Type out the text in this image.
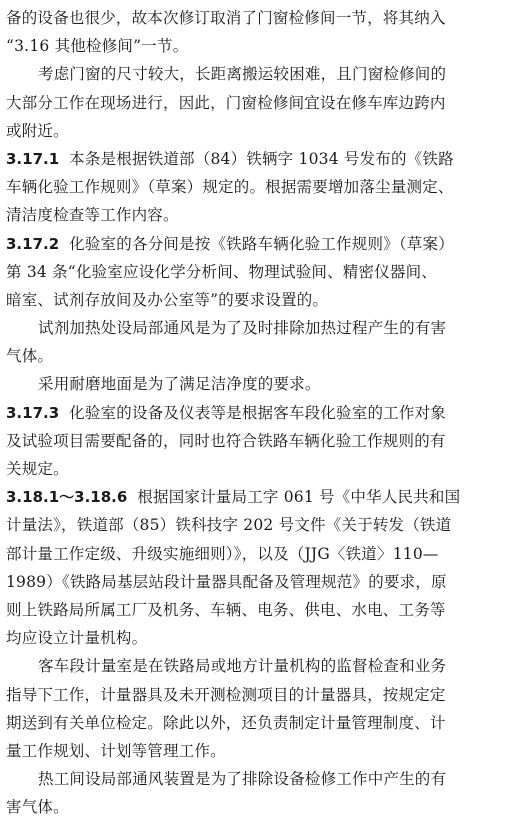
备的设备也很少，故本次修订取消了门窗检修间一节，将其纳入
“3.16 其他检修间”一节。
考虑门窗的尺寸较大，长距离搬运较困难，且门窗检修间的
大部分工作在现场进行，因此，门窗检修间宜设在修车库边跨内
或附近。
3.17.1 本条是根据铁道部（84）铁辆字 1034 号发布的《铁路
车辆化验工作规则》（草案）规定的。根据需要增加落尘量测定、
清洁度检查等工作内容。
3.17.2 化验室的各分间是按《铁路车辆化验工作规则》（草案）
第 34 条“化验室应设化学分析间、物理试验间、精密仪器间、
暗室、试剂存放间及办公室等”的要求设置的。
试剂加热处设局部通风是为了及时排除加热过程产生的有害
气体。
采用耐磨地面是为了满足洁净度的要求。
3.17.3 化验室的设备及仪表等是根据客车段化验室的工作对象
及试验项目需要配备的，同时也符合铁路车辆化验工作规则的有
关规定。
3.18.1～3.18.6 根据国家计量局工字 061 号《中华人民共和国
计量法》，铁道部（85）铁科技字 202 号文件《关于转发（铁道
部计量工作定级、升级实施细则）》，以及（JJG〈铁道〉110—
1989）《铁路局基层站段计量器具配备及管理规范》的要求，原
则上铁路局所属工厂及机务、车辆、电务、供电、水电、工务等
均应设立计量机构。
客车段计量室是在铁路局或地方计量机构的监督检查和业务
指导下工作，计量器具及未开测检测项目的计量器具，按规定定
期送到有关单位检定。除此以外，还负责制定计量管理制度、计
量工作规划、计划等管理工作。
热工间设局部通风装置是为了排除设备检修工作中产生的有
害气体。
